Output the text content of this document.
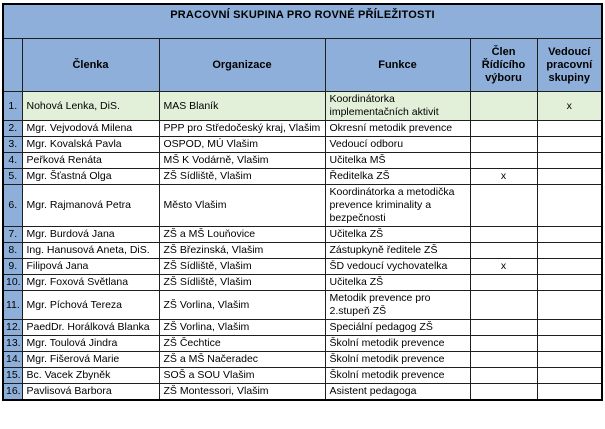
PRACOVNÍ SKUPINA PRO ROVNÉ PŘÍLEŽITOSTI					
	Členka	Organizace	Funkce	Člen Řídícího výboru	Vedoucí pracovní skupiny
1.	Nohová Lenka, DiS.	MAS Blaník	Koordinátorka implementačních aktivit		x
2.	Mgr. Vejvodová Milena	PPP pro Středočeský kraj, Vlašim	Okresní metodik prevence		
3.	Mgr. Kovalská Pavla	OSPOD, MÚ Vlašim	Vedoucí odboru		
4.	Peřková Renáta	MŠ K Vodárně, Vlašim	Učitelka MŠ		
5.	Mgr. Šťastná Olga	ZŠ Sídliště, Vlašim	Ředitelka ZŠ	x	
6.	Mgr. Rajmanová Petra	Město Vlašim	Koordinátorka a metodička prevence kriminality a bezpečnosti		
7.	Mgr. Burdová Jana	ZŠ a MŠ Louňovice	Učitelka ZŠ		
8.	Ing. Hanusová Aneta, DiS.	ZŠ Březinská, Vlašim	Zástupkyně ředitele ZŠ		
9.	Filipová Jana	ZŠ Sídliště, Vlašim	ŠD vedoucí vychovatelka	x	
10.	Mgr. Foxová Světlana	ZŠ Sídliště, Vlašim	Učitelka ZŠ		
11.	Mgr. Píchová Tereza	ZŠ Vorlina, Vlašim	Metodik prevence pro 2.stupeň ZŠ		
12.	PaedDr. Horálková Blanka	ZŠ Vorlina, Vlašim	Speciální pedagog ZŠ		
13.	Mgr. Toulová Jindra	ZŠ Čechtice	Školní metodik prevence		
14.	Mgr. Fišerová Marie	ZŠ a MŠ Načeradec	Školní metodik prevence		
15.	Bc. Vacek Zbyněk	SOŠ a SOU Vlašim	Školní metodik prevence		
16.	Pavlisová Barbora	ZŠ Montessori, Vlašim	Asistent pedagoga		
